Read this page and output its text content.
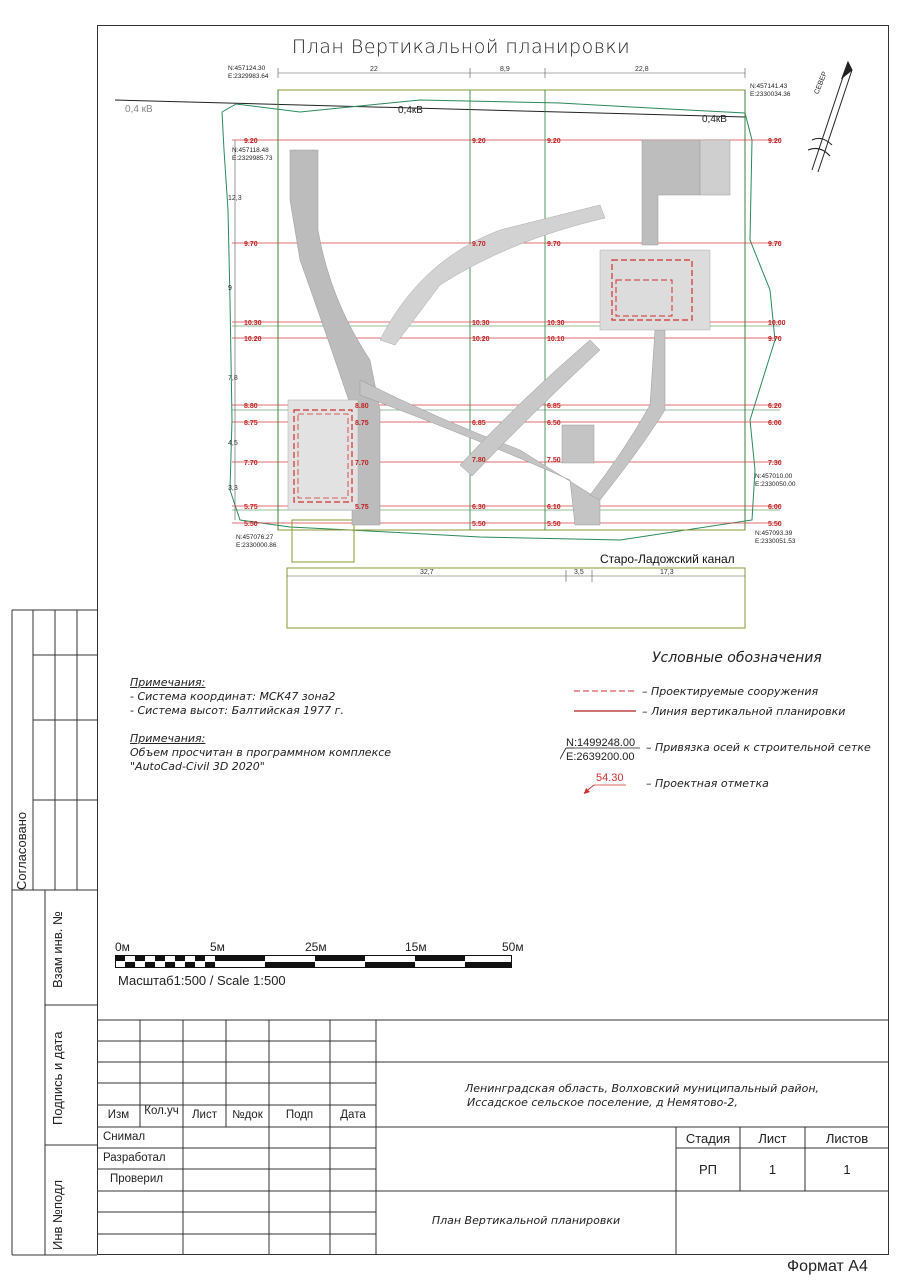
План Вертикальной планировки
0,4 кВ	0,4кВ
0,4кВ
22	8,9	22,8
32,7	3,5	17,3
12,3
9
7,8
4,5
3,3
9.20
9.70
10.30
10.20
8.80
8.75
7.70
5.75
5.50
8.80
8.75
7.70
5.75
9.20
9.70
10.30
10.20
6.85
7.80
6.30
5.50
9.20
9.70
10.30
10.10
6.85
6.50
7.50
6.10
5.50
9.20
9.70
10.00
9.70
6.20
6.00
7.30
6.00
5.50
N:457124.30
E:2329983.64
N:457141.43
E:2330034.36
N:457118.48
E:2329985.73
N:457010.00
E:2330050.00
N:457076.27
E:2330000.86
N:457093.39
E:2330051.53
СЕВЕР
Старо-Ладожский канал
Примечания:
- Система координат: МСК47 зона2
- Система высот: Балтийская 1977 г.
Примечания:
Объем просчитан в программном комплексе
"AutoCad-Civil 3D 2020"
Условные обозначения
– Проектируемые сооружения
– Линия вертикальной планировки
N:1499248.00
E:2639200.00
– Привязка осей к строительной сетке
54.30 – Проектная отметка
0м	5м	25м	15м	50м
Масштаб1:500 / Scale 1:500
Согласовано
Взам инв. №
Подпись и дата
Инв №подл
Изм	Кол.уч	Лист	№док	Подп	Дата
Снимал
Разработал
Проверил
Ленинградская область, Волховский муниципальный район,
Иссадское сельское поселение, д Немятово-2,
Стадия	Лист	Листов
РП	1	1
План Вертикальной планировки
Формат А4
